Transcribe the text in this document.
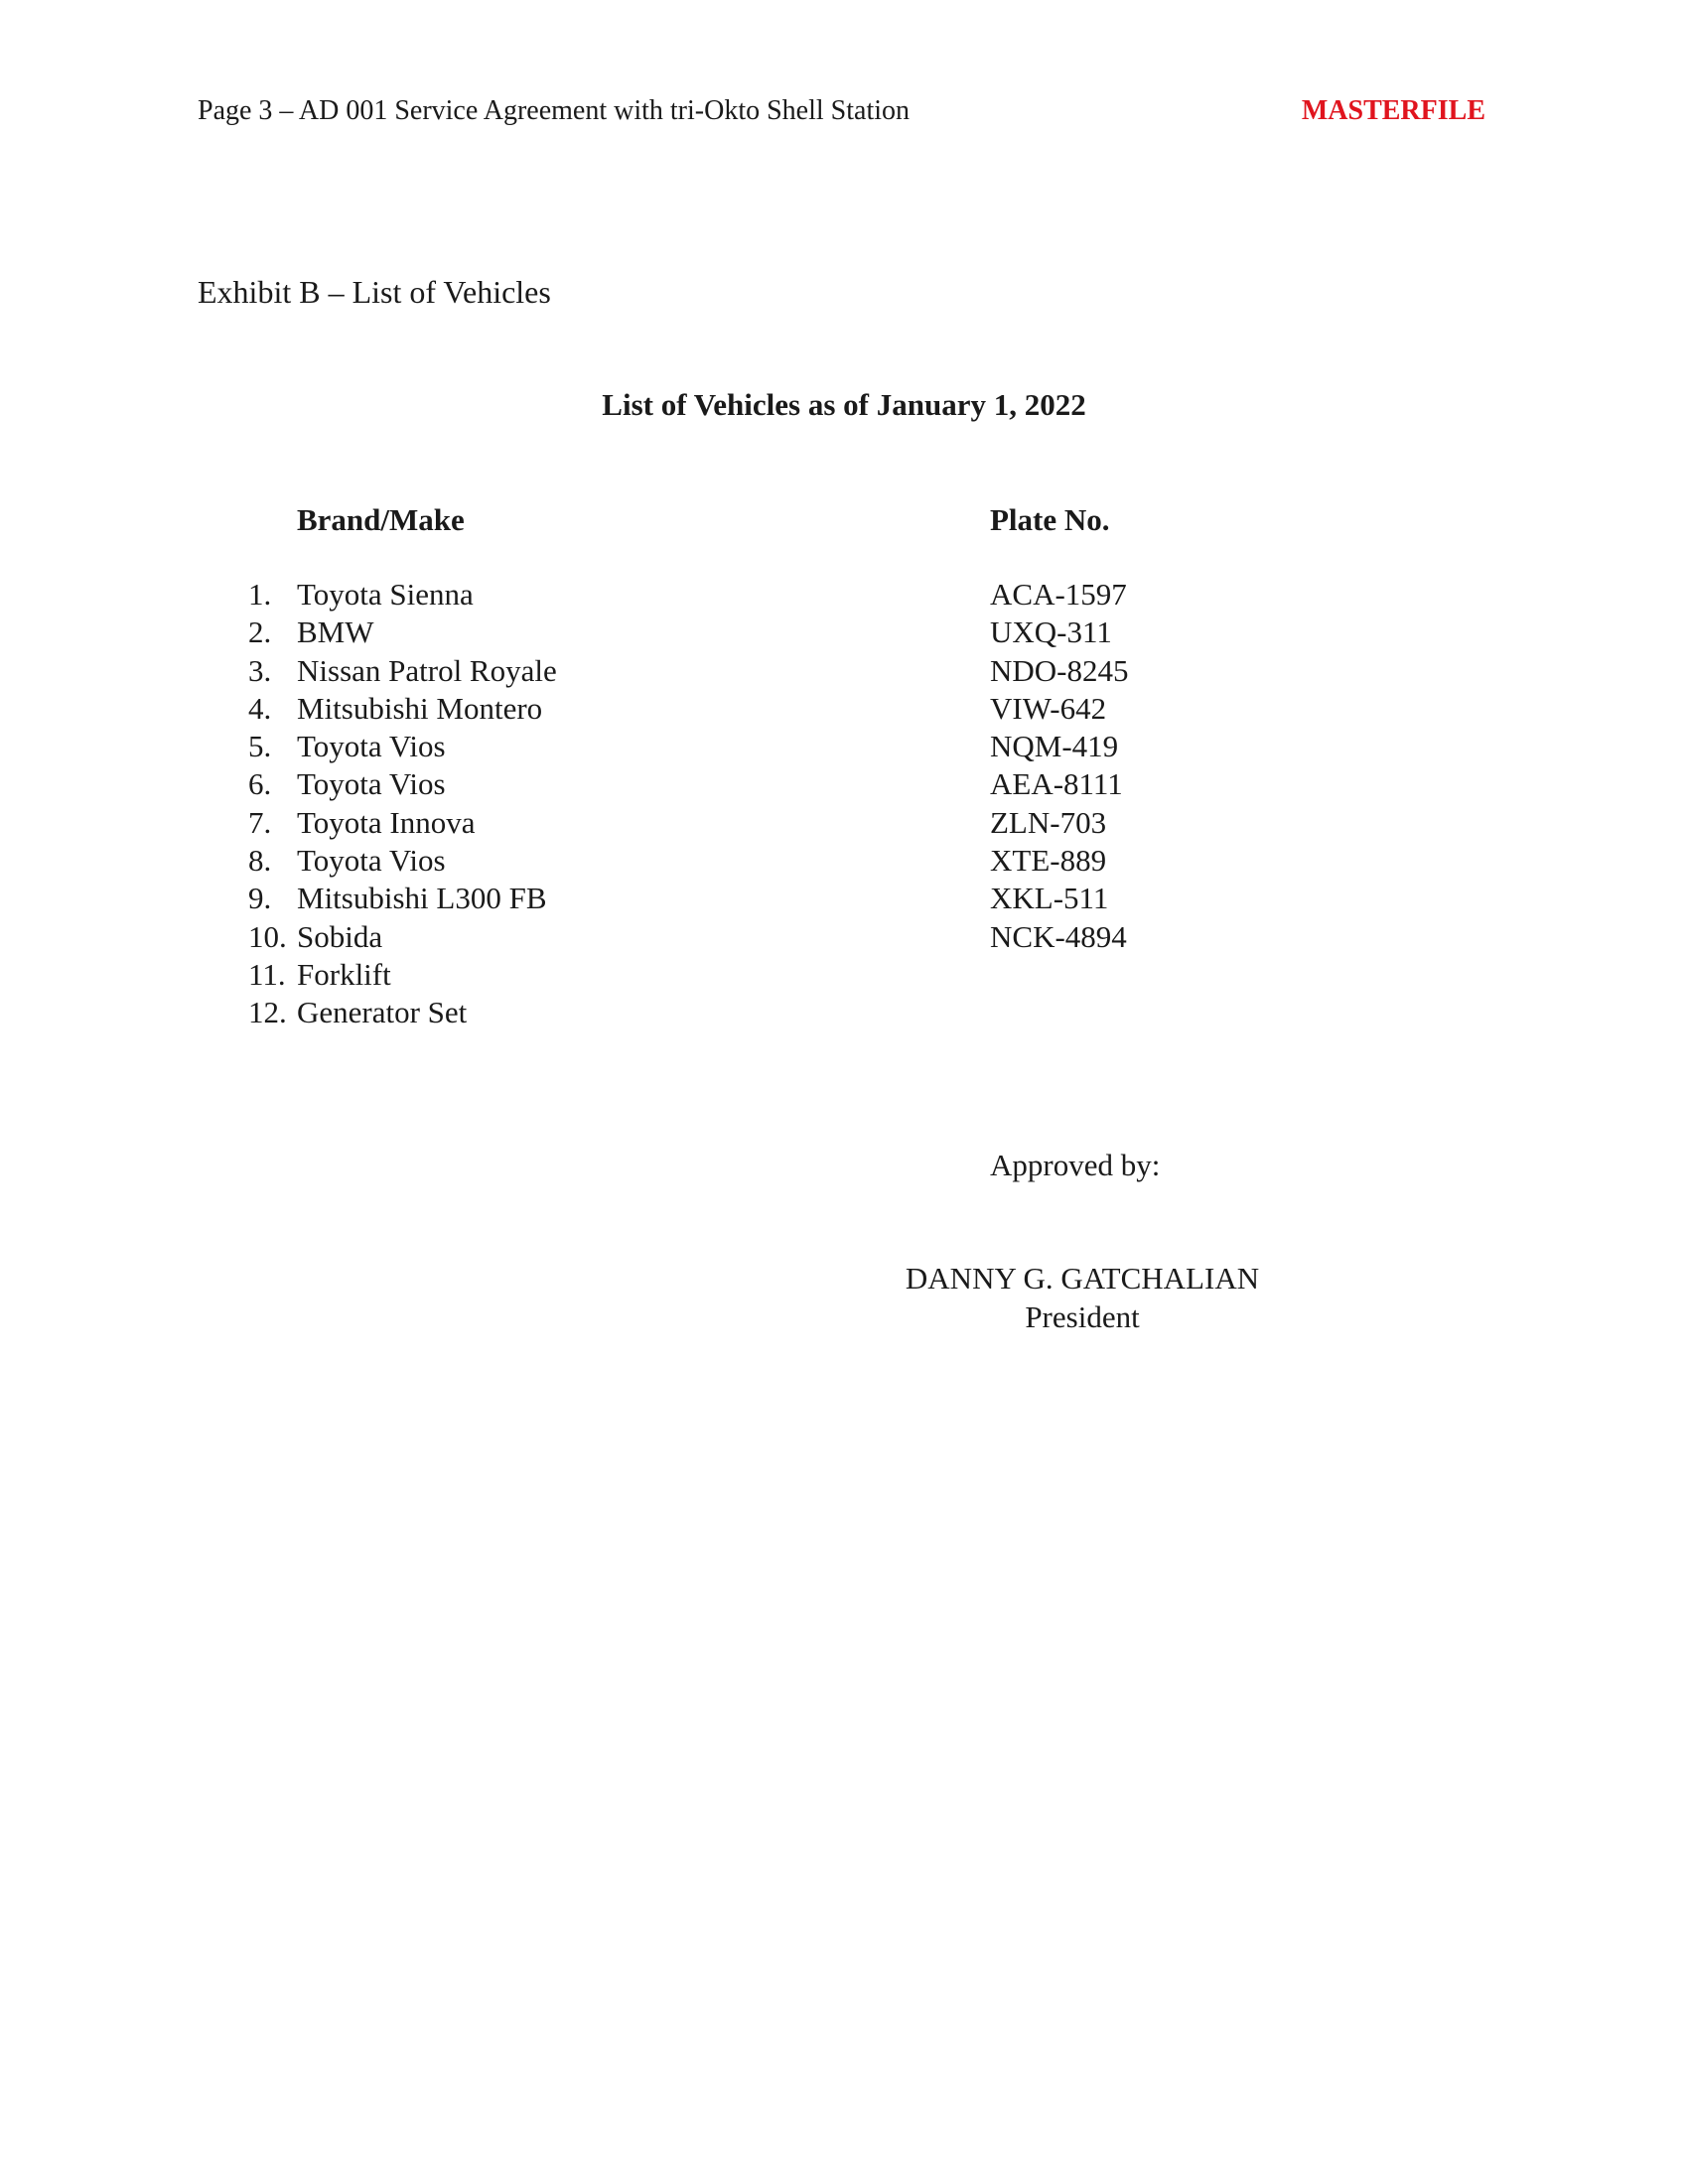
Page 3 – AD 001 Service Agreement with tri-Okto Shell Station	MASTERFILE
Exhibit B – List of Vehicles
List of Vehicles as of January 1, 2022
Brand/Make	Plate No.
1. Toyota Sienna	ACA-1597
2. BMW	UXQ-311
3. Nissan Patrol Royale	NDO-8245
4. Mitsubishi Montero	VIW-642
5. Toyota Vios	NQM-419
6. Toyota Vios	AEA-8111
7. Toyota Innova	ZLN-703
8. Toyota Vios	XTE-889
9. Mitsubishi L300 FB	XKL-511
10. Sobida	NCK-4894
11. Forklift
12. Generator Set
Approved by:
DANNY G. GATCHALIAN
President
